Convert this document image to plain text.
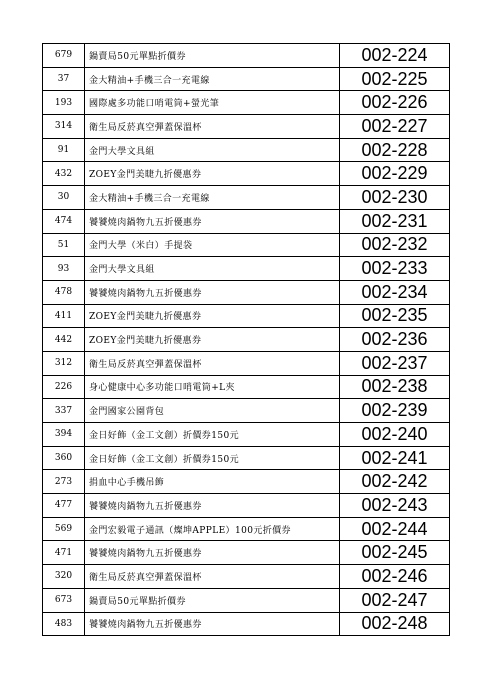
679	鍋賣局50元單點折價券	002-224
37	金大精油+手機三合一充電線	002-225
193	國際處多功能口哨電筒+螢光筆	002-226
314	衛生局反菸真空彈蓋保溫杯	002-227
91	金門大學文具組	002-228
432	ZOEY金門美睫九折優惠券	002-229
30	金大精油+手機三合一充電線	002-230
474	饕饕燒肉鍋物九五折優惠券	002-231
51	金門大學（米白）手提袋	002-232
93	金門大學文具組	002-233
478	饕饕燒肉鍋物九五折優惠券	002-234
411	ZOEY金門美睫九折優惠券	002-235
442	ZOEY金門美睫九折優惠券	002-236
312	衛生局反菸真空彈蓋保溫杯	002-237
226	身心健康中心多功能口哨電筒+L夾	002-238
337	金門國家公園背包	002-239
394	金日好飾（金工文創）折價券150元	002-240
360	金日好飾（金工文創）折價券150元	002-241
273	捐血中心手機吊飾	002-242
477	饕饕燒肉鍋物九五折優惠券	002-243
569	金門宏毅電子通訊（燦坤APPLE）100元折價券	002-244
471	饕饕燒肉鍋物九五折優惠券	002-245
320	衛生局反菸真空彈蓋保溫杯	002-246
673	鍋賣局50元單點折價券	002-247
483	饕饕燒肉鍋物九五折優惠券	002-248
